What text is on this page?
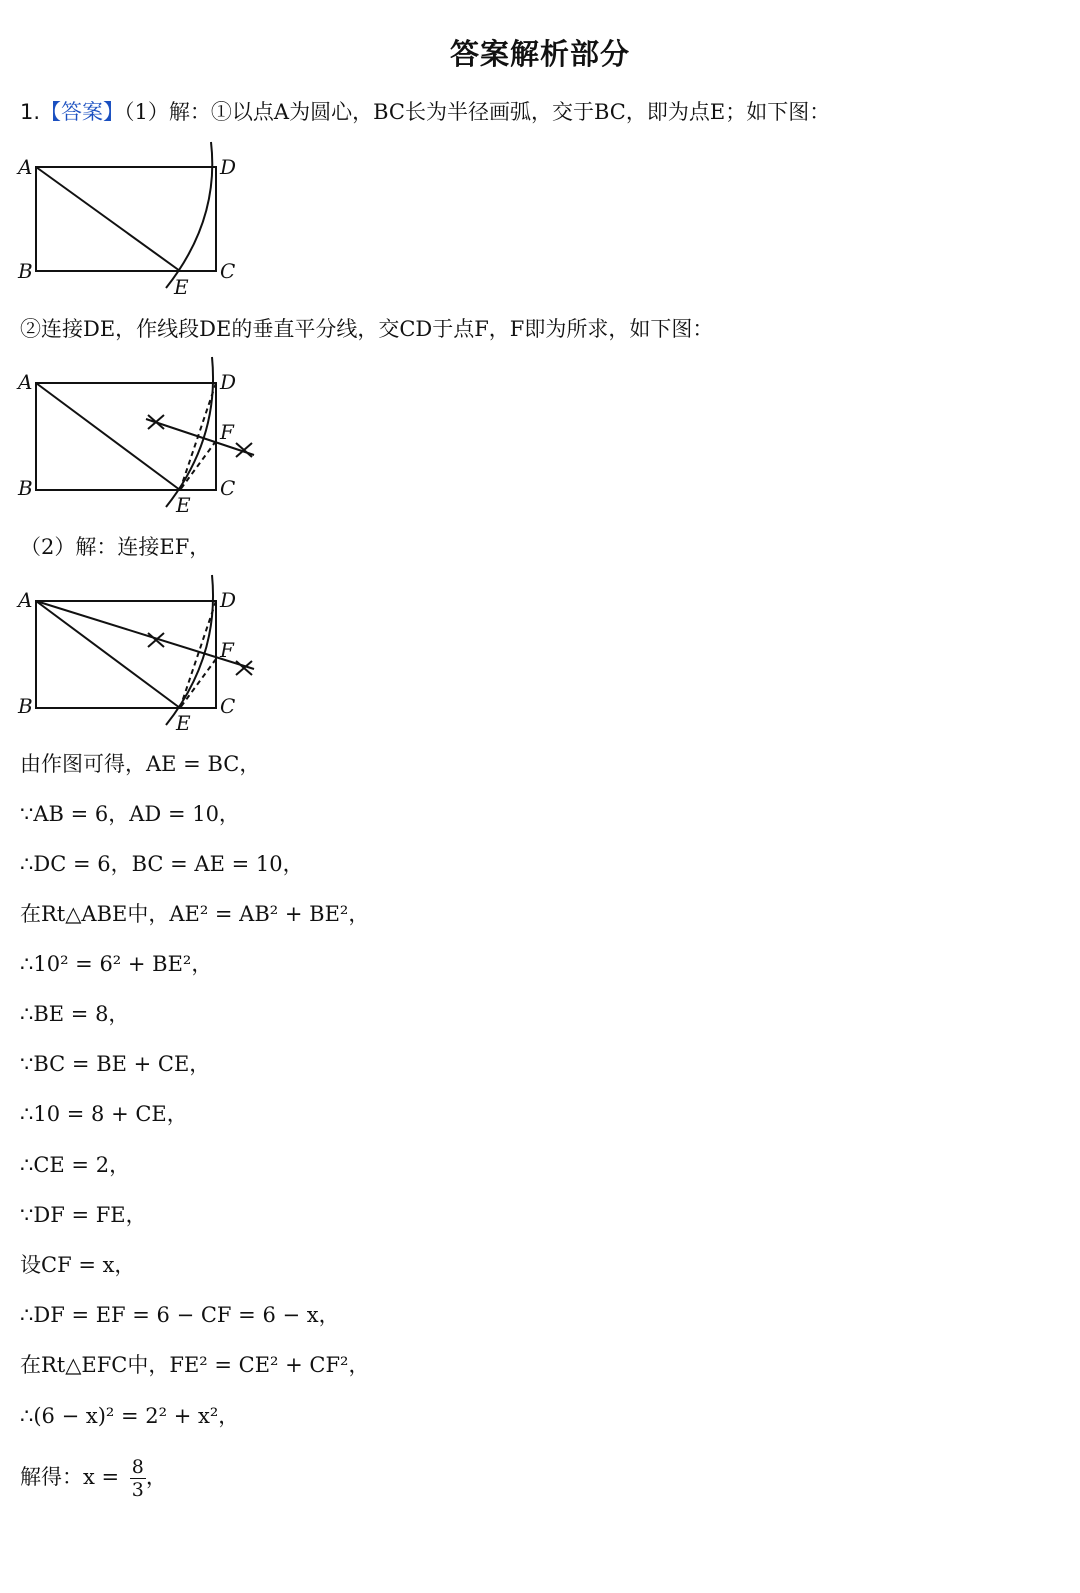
答案解析部分
1.【答案】（1）解：①以点A为圆心，BC长为半径画弧，交于BC，即为点E；如下图：
A	D
B	C
E
②连接DE，作线段DE的垂直平分线，交CD于点F，F即为所求，如下图：
A	D
F
B	C
E
（2）解：连接EF，
A	D
F
B	C
E
由作图可得，AE = BC，
∵AB = 6，AD = 10，
∴DC = 6，BC = AE = 10，
在Rt△ABE中，AE² = AB² + BE²，
∴10² = 6² + BE²，
∴BE = 8，
∵BC = BE + CE，
∴10 = 8 + CE，
∴CE = 2，
∵DF = FE，
设CF = x，
∴DF = EF = 6 − CF = 6 − x，
在Rt△EFC中，FE² = CE² + CF²，
∴(6 − x)² = 2² + x²，
解得：$x = \frac{8}{3}$ ，
